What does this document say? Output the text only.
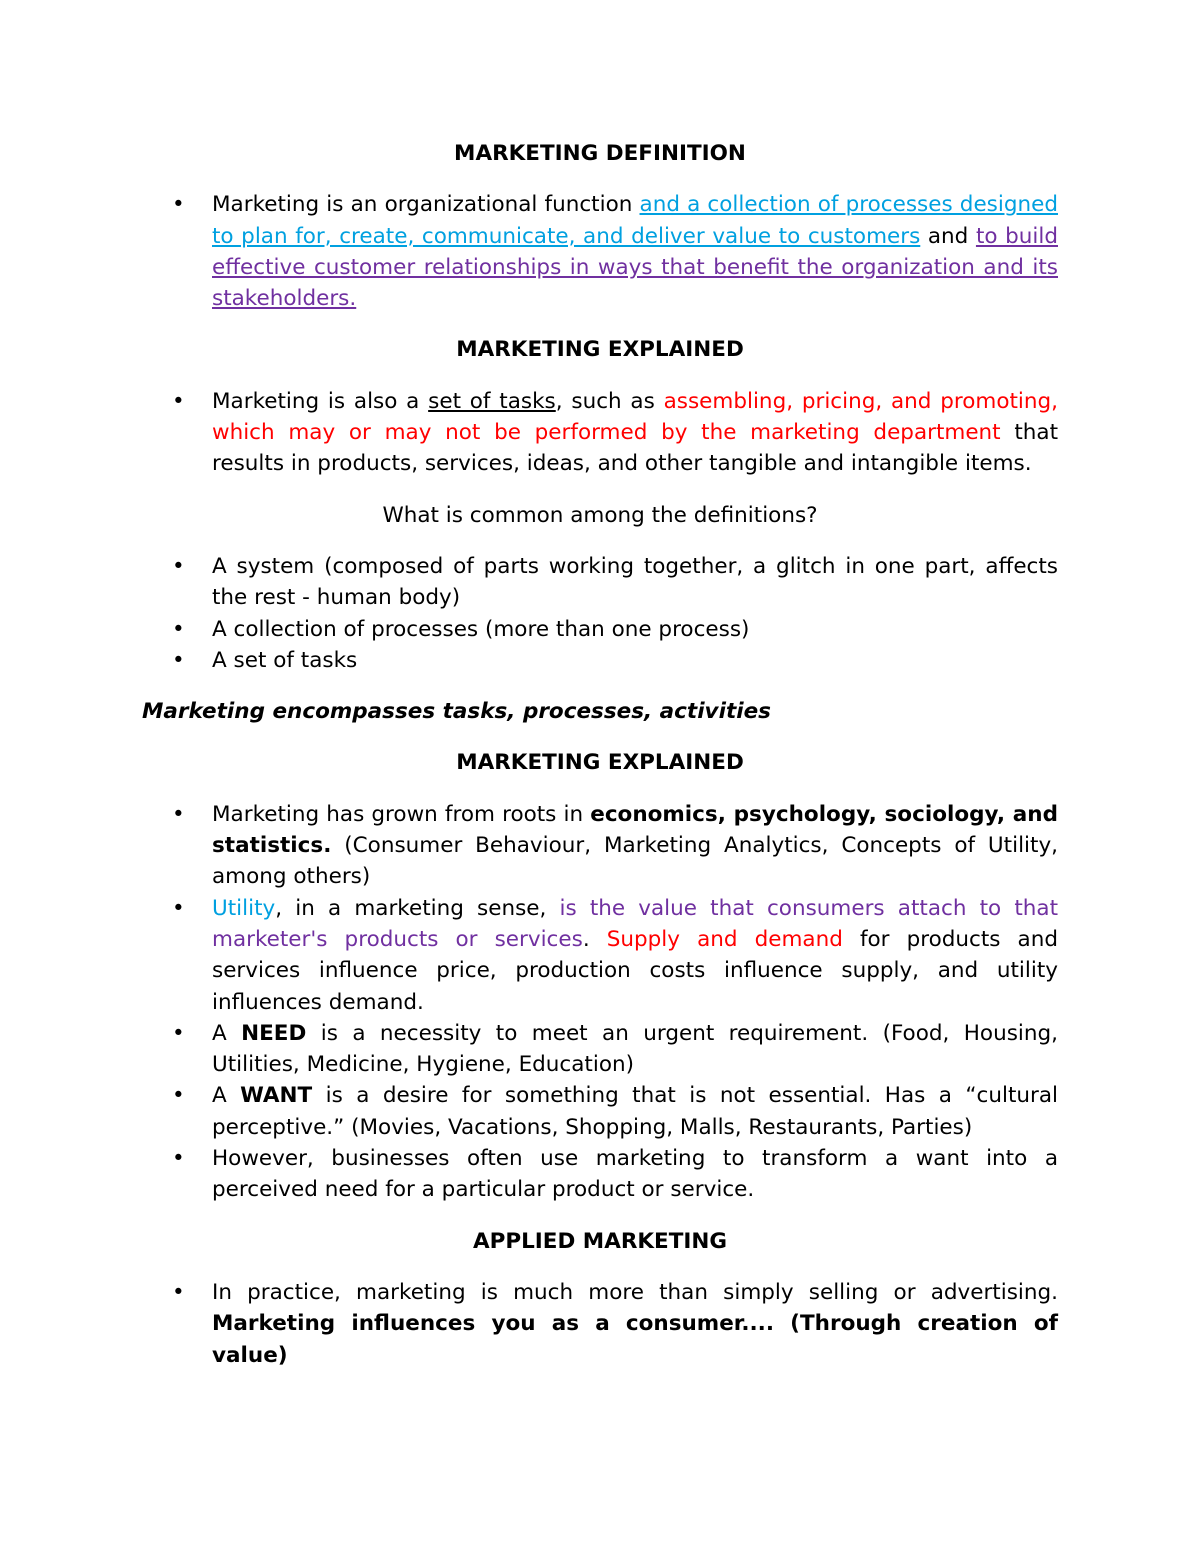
MARKETING DEFINITION
• Marketing is an organizational function and a collection of processes designed to plan for, create, communicate, and deliver value to customers and to build effective customer relationships in ways that benefit the organization and its stakeholders.
MARKETING EXPLAINED
• Marketing is also a set of tasks, such as assembling, pricing, and promoting, which may or may not be performed by the marketing department that results in products, services, ideas, and other tangible and intangible items.

What is common among the definitions?

• A system (composed of parts working together, a glitch in one part, affects the rest - human body)
• A collection of processes (more than one process)
• A set of tasks

Marketing encompasses tasks, processes, activities

MARKETING EXPLAINED
• Marketing has grown from roots in economics, psychology, sociology, and statistics. (Consumer Behaviour, Marketing Analytics, Concepts of Utility, among others)
• Utility, in a marketing sense, is the value that consumers attach to that marketer's products or services. Supply and demand for products and services influence price, production costs influence supply, and utility influences demand.
• A NEED is a necessity to meet an urgent requirement. (Food, Housing, Utilities, Medicine, Hygiene, Education)
• A WANT is a desire for something that is not essential. Has a “cultural perceptive.” (Movies, Vacations, Shopping, Malls, Restaurants, Parties)
• However, businesses often use marketing to transform a want into a perceived need for a particular product or service.
APPLIED MARKETING
• In practice, marketing is much more than simply selling or advertising. Marketing influences you as a consumer.... (Through creation of value)
